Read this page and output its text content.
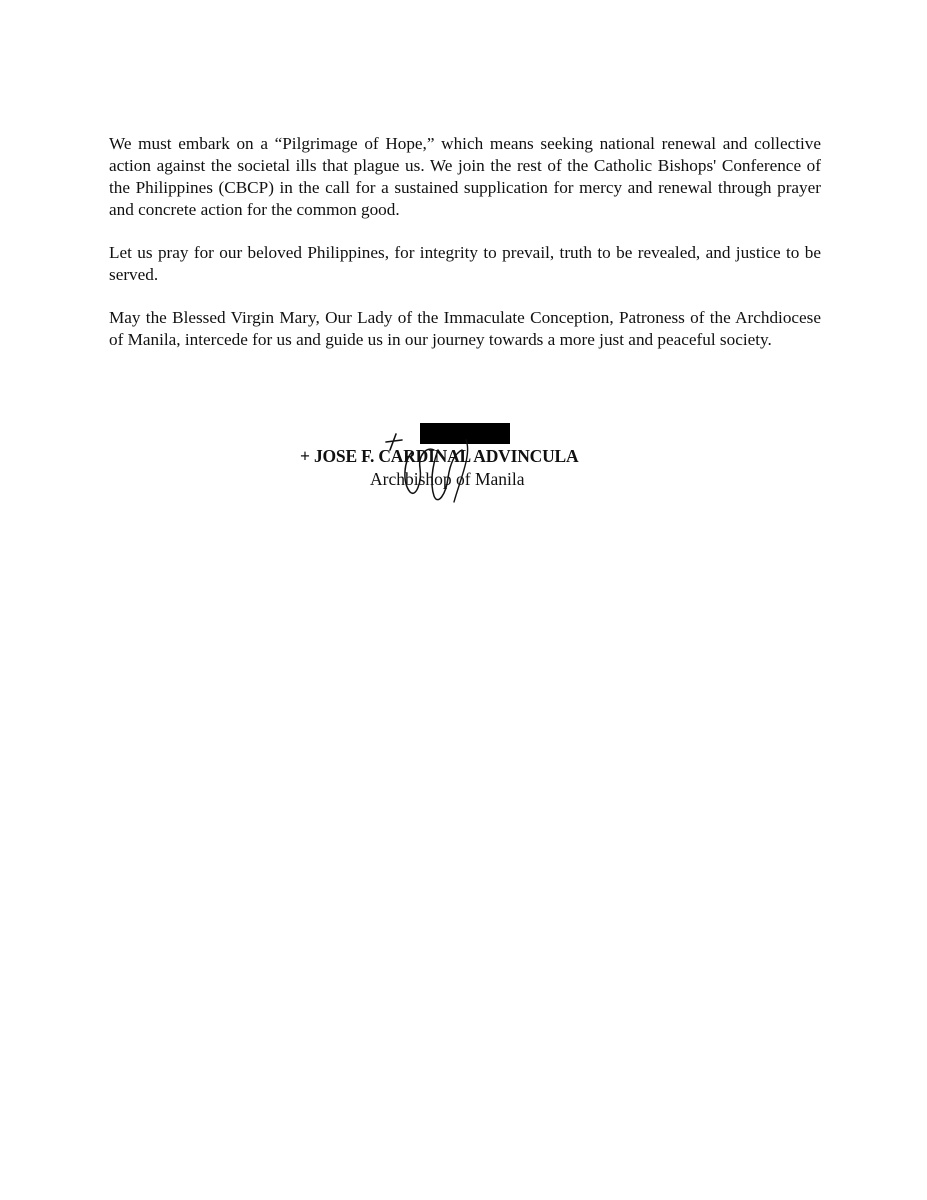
We must embark on a “Pilgrimage of Hope,” which means seeking national renewal and collective action against the societal ills that plague us. We join the rest of the Catholic Bishops' Conference of the Philippines (CBCP) in the call for a sustained supplication for mercy and renewal through prayer and concrete action for the common good.

Let us pray for our beloved Philippines, for integrity to prevail, truth to be revealed, and justice to be served.

May the Blessed Virgin Mary, Our Lady of the Immaculate Conception, Patroness of the Archdiocese of Manila, intercede for us and guide us in our journey towards a more just and peaceful society.

+ JOSE F. CARDINAL ADVINCULA
Archbishop of Manila
